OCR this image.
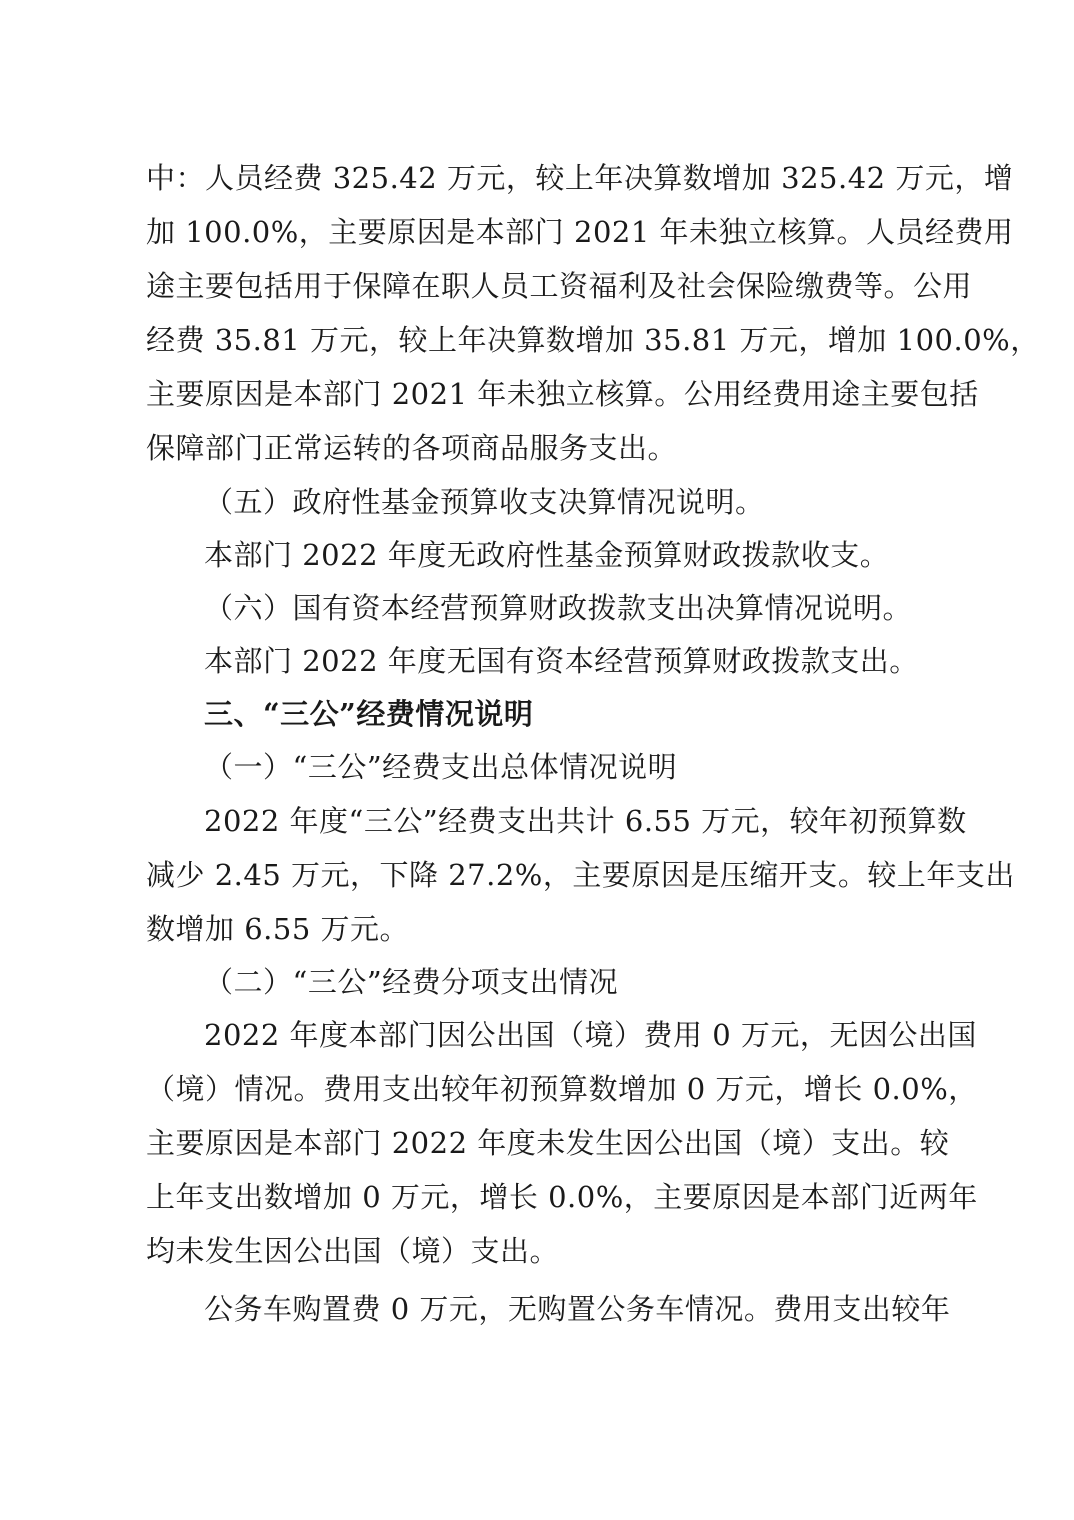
中：人员经费 325.42 万元，较上年决算数增加 325.42 万元，增
加 100.0%，主要原因是本部门 2021 年未独立核算。人员经费用
途主要包括用于保障在职人员工资福利及社会保险缴费等。公用
经费 35.81 万元，较上年决算数增加 35.81 万元，增加 100.0%，
主要原因是本部门 2021 年未独立核算。公用经费用途主要包括
保障部门正常运转的各项商品服务支出。
（五）政府性基金预算收支决算情况说明。
本部门 2022 年度无政府性基金预算财政拨款收支。
（六）国有资本经营预算财政拨款支出决算情况说明。
本部门 2022 年度无国有资本经营预算财政拨款支出。
三、“三公”经费情况说明
（一）“三公”经费支出总体情况说明
2022 年度“三公”经费支出共计 6.55 万元，较年初预算数
减少 2.45 万元，下降 27.2%，主要原因是压缩开支。较上年支出
数增加 6.55 万元。
（二）“三公”经费分项支出情况
2022 年度本部门因公出国（境）费用 0 万元，无因公出国
（境）情况。费用支出较年初预算数增加 0 万元，增长 0.0%，
主要原因是本部门 2022 年度未发生因公出国（境）支出。较
上年支出数增加 0 万元，增长 0.0%，主要原因是本部门近两年
均未发生因公出国（境）支出。
公务车购置费 0 万元，无购置公务车情况。费用支出较年
